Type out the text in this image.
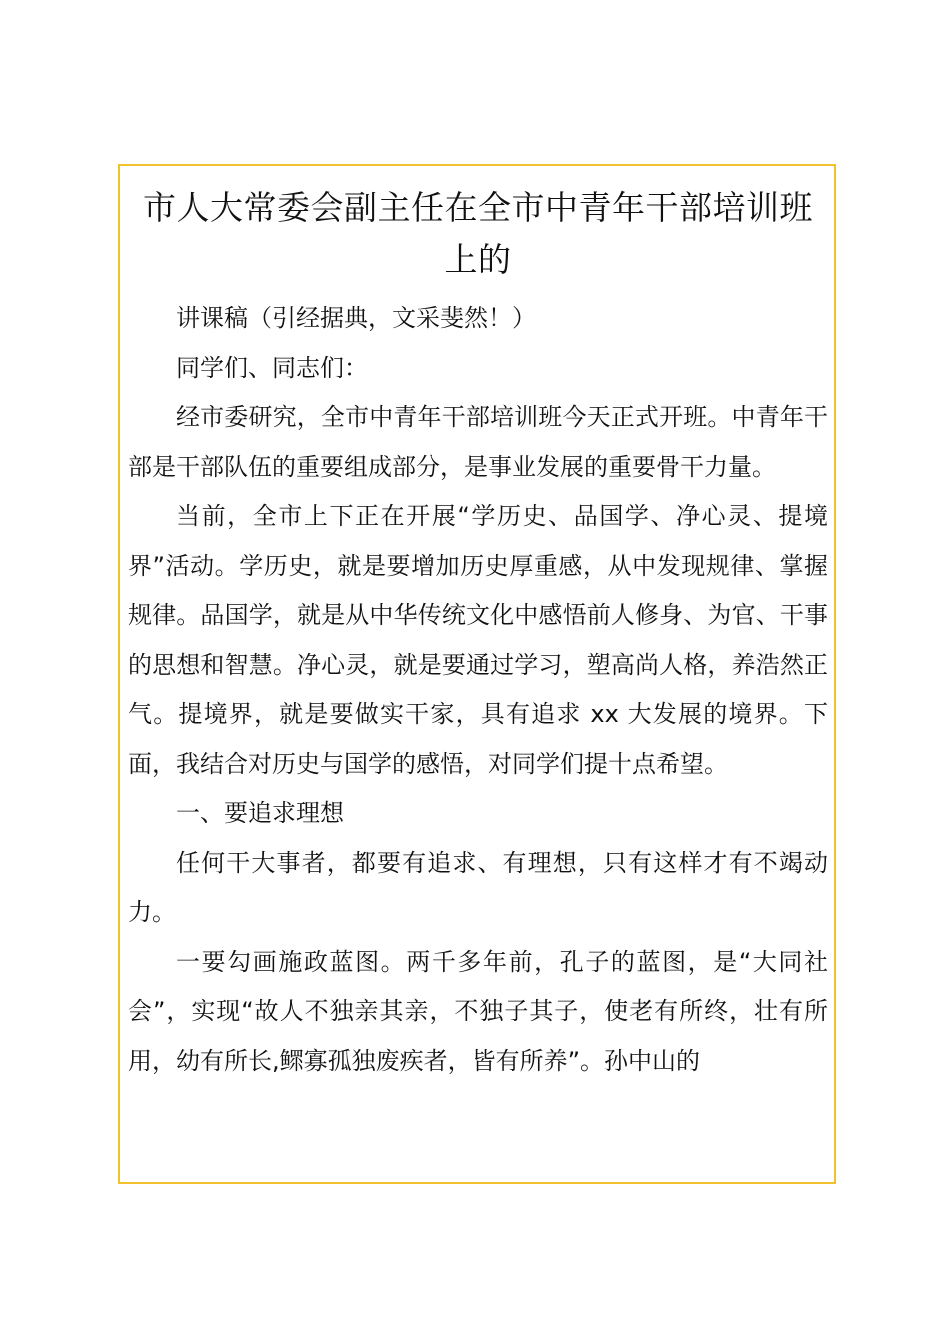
市人大常委会副主任在全市中青年干部培训班上的

讲课稿（引经据典，文采斐然！）

同学们、同志们：

经市委研究，全市中青年干部培训班今天正式开班。中青年干部是干部队伍的重要组成部分，是事业发展的重要骨干力量。

当前，全市上下正在开展“学历史、品国学、净心灵、提境界”活动。学历史，就是要增加历史厚重感，从中发现规律、掌握规律。品国学，就是从中华传统文化中感悟前人修身、为官、干事的思想和智慧。净心灵，就是要通过学习，塑高尚人格，养浩然正气。提境界，就是要做实干家，具有追求 xx 大发展的境界。下面，我结合对历史与国学的感悟，对同学们提十点希望。

一、要追求理想

任何干大事者，都要有追求、有理想，只有这样才有不竭动力。

一要勾画施政蓝图。两千多年前，孔子的蓝图，是“大同社会”，实现“故人不独亲其亲，不独子其子，使老有所终，壮有所用，幼有所长,鳏寡孤独废疾者，皆有所养”。孙中山的
